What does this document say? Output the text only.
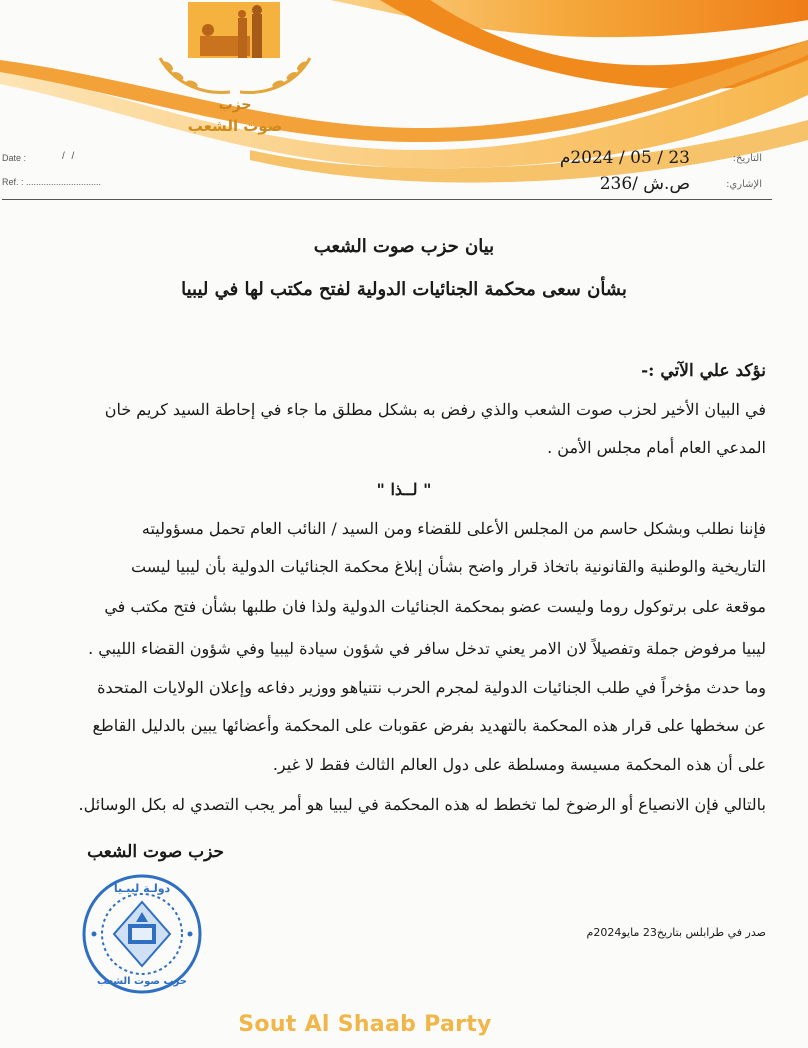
حزب
صوت الشعب
Date :	/ /
Ref. : ..............................
التاريخ:
الإشاري:
23 / 05 / 2024م
ص.ش /236
بيان حزب صوت الشعب
بشأن سعى محكمة الجنائيات الدولية لفتح مكتب لها في ليبيا
نؤكد علي الآتي :-
في البيان الأخير لحزب صوت الشعب والذي رفض به بشكل مطلق ما جاء في إحاطة السيد كريم خان
المدعي العام أمام مجلس الأمن .
" لــذا "
فإننا نطلب وبشكل حاسم من المجلس الأعلى للقضاء ومن السيد / النائب العام تحمل مسؤوليته
التاريخية والوطنية والقانونية باتخاذ قرار واضح بشأن إبلاغ محكمة الجنائيات الدولية بأن ليبيا ليست
موقعة على برتوكول روما وليست عضو بمحكمة الجنائيات الدولية ولذا فان طلبها بشأن فتح مكتب في
ليبيا مرفوض جملة وتفصيلاً لان الامر يعني تدخل سافر في شؤون سيادة ليبيا وفي شؤون القضاء الليبي .
وما حدث مؤخراً في طلب الجنائيات الدولية لمجرم الحرب نتنياهو ووزير دفاعه وإعلان الولايات المتحدة
عن سخطها على قرار هذه المحكمة بالتهديد بفرض عقوبات على المحكمة وأعضائها يبين بالدليل القاطع
على أن هذه المحكمة مسيسة ومسلطة على دول العالم الثالث فقط لا غير.
بالتالي فإن الانصياع أو الرضوخ لما تخطط له هذه المحكمة في ليبيا هو أمر يجب التصدي له بكل الوسائل.
حزب صوت الشعب
صدر في طرابلس بتاريخ23 مايو2024م
دولـة ليبـيا
حزب صوت الشعب
Sout Al Shaab Party
